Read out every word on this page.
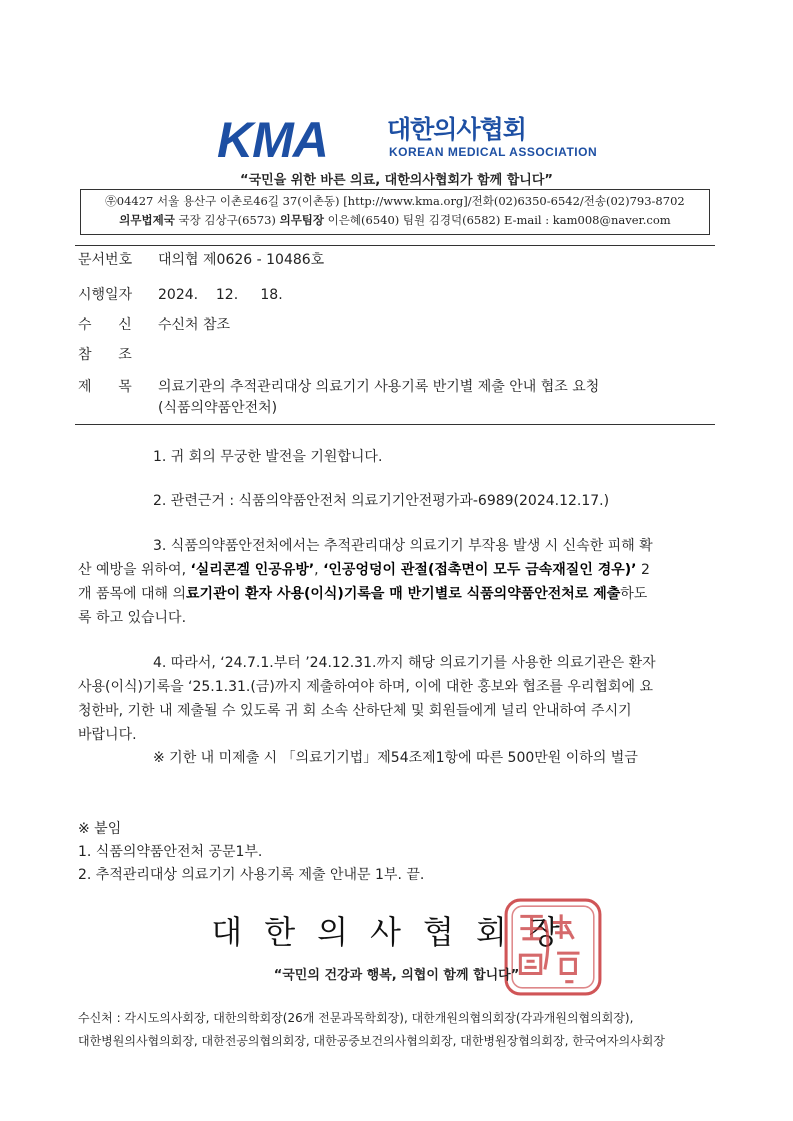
KMA 대한의사협회
KOREAN MEDICAL ASSOCIATION
“국민을 위한 바른 의료, 대한의사협회가 함께 합니다”
㉾04427 서울 용산구 이촌로46길 37(이촌동) [http://www.kma.org]/전화(02)6350-6542/전송(02)793-8702
의무법제국 국장 김상구(6573) 의무팀장 이은혜(6540) 팀원 김경덕(6582) E-mail : kam008@naver.com
문서번호 대의협 제0626 - 10486호
시행일자 2024.    12.     18.
수      신 수신처 참조
참      조
제      목 의료기관의 추적관리대상 의료기기 사용기록 반기별 제출 안내 협조 요청
(식품의약품안전처)
1. 귀 회의 무궁한 발전을 기원합니다.
2. 관련근거 : 식품의약품안전처 의료기기안전평가과-6989(2024.12.17.)
3. 식품의약품안전처에서는 추적관리대상 의료기기 부작용 발생 시 신속한 피해 확
산 예방을 위하여, ‘실리콘겔 인공유방’, ‘인공엉덩이 관절(접촉면이 모두 금속재질인 경우)’ 2
개 품목에 대해 의료기관이 환자 사용(이식)기록을 매 반기별로 식품의약품안전처로 제출하도
록 하고 있습니다.
4. 따라서, ‘24.7.1.부터 ’24.12.31.까지 해당 의료기기를 사용한 의료기관은 환자
사용(이식)기록을 ‘25.1.31.(금)까지 제출하여야 하며, 이에 대한 홍보와 협조를 우리협회에 요
청한바, 기한 내 제출될 수 있도록 귀 회 소속 산하단체 및 회원들에게 널리 안내하여 주시기
바랍니다.
※ 기한 내 미제출 시 「의료기기법」제54조제1항에 따른 500만원 이하의 벌금
※ 붙임
1. 식품의약품안전처 공문1부.
2. 추적관리대상 의료기기 사용기록 제출 안내문 1부. 끝.
대한의사협회장
“국민의 건강과 행복, 의협이 함께 합니다”
수신처 : 각시도의사회장, 대한의학회장(26개 전문과목학회장), 대한개원의협의회장(각과개원의협의회장),
대한병원의사협의회장, 대한전공의협의회장, 대한공중보건의사협의회장, 대한병원장협의회장, 한국여자의사회장
